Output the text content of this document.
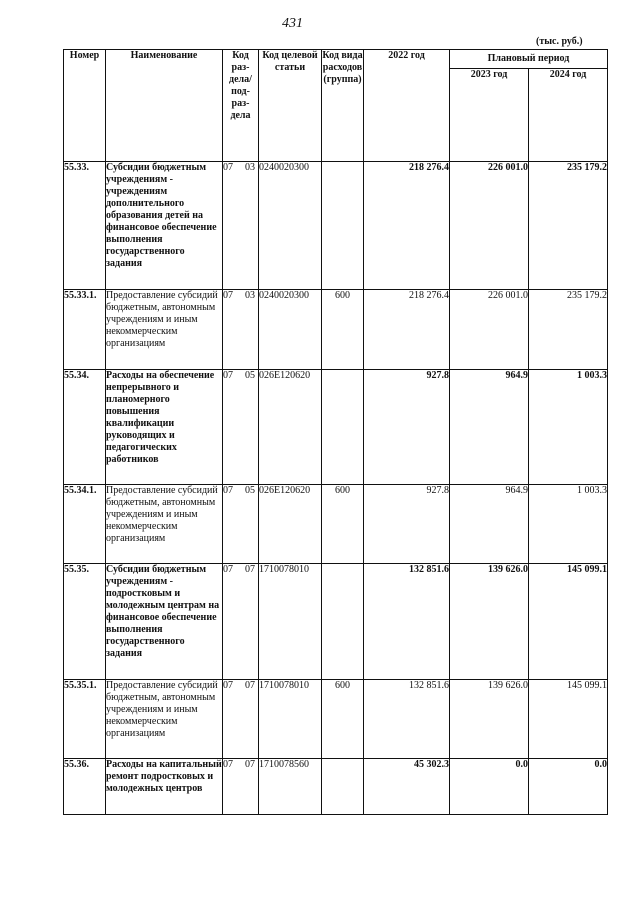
431
(тыс. руб.)
Номер	Наименование	Код раз-дела/ под-раз-дела	Код целевой статьи	Код вида расходов (группа)	2022 год	Плановый период	
						2023 год	2024 год
55.33.	Субсидии бюджетным учреждениям - учреждениям дополнительного образования детей на финансовое обеспечение выполнения государственного задания	07 03	0240020300		218 276.4	226 001.0	235 179.2
55.33.1.	Предоставление субсидий бюджетным, автономным учреждениям и иным некоммерческим организациям	07 03	0240020300	600	218 276.4	226 001.0	235 179.2
55.34.	Расходы на обеспечение непрерывного и планомерного повышения квалификации руководящих и педагогических работников	07 05	026E120620		927.8	964.9	1 003.3
55.34.1.	Предоставление субсидий бюджетным, автономным учреждениям и иным некоммерческим организациям	07 05	026E120620	600	927.8	964.9	1 003.3
55.35.	Субсидии бюджетным учреждениям - подростковым и молодежным центрам на финансовое обеспечение выполнения государственного задания	07 07	1710078010		132 851.6	139 626.0	145 099.1
55.35.1.	Предоставление субсидий бюджетным, автономным учреждениям и иным некоммерческим организациям	07 07	1710078010	600	132 851.6	139 626.0	145 099.1
55.36.	Расходы на капитальный ремонт подростковых и молодежных центров	07 07	1710078560		45 302.3	0.0	0.0
